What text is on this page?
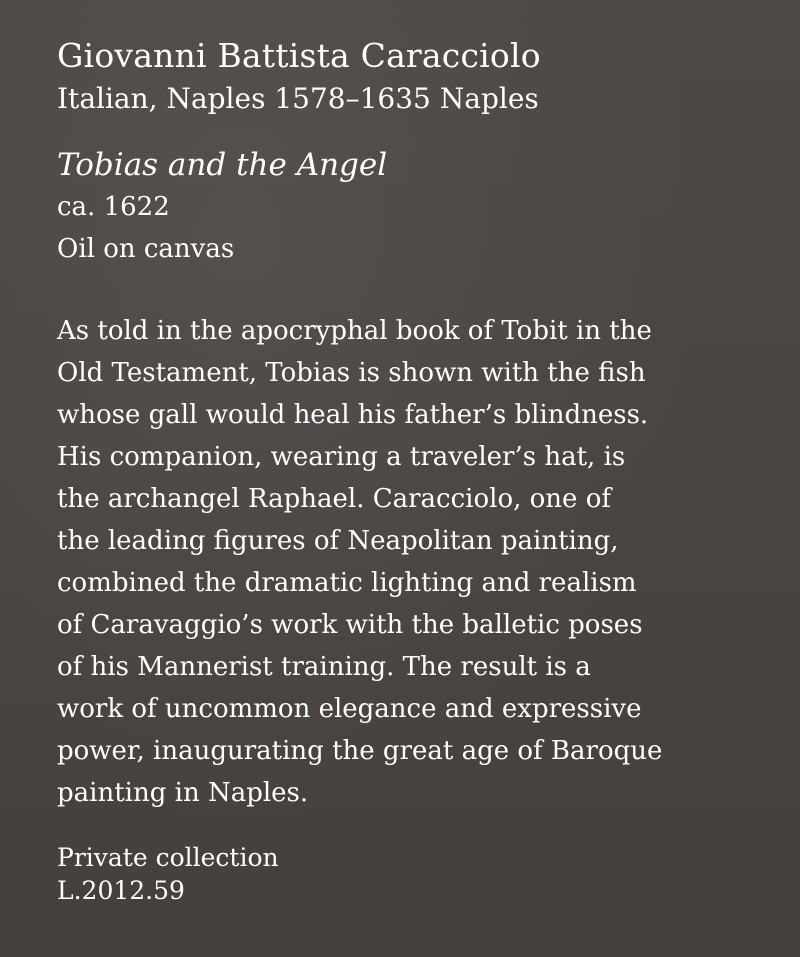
Giovanni Battista Caracciolo
Italian, Naples 1578–1635 Naples
Tobias and the Angel
ca. 1622
Oil on canvas
As told in the apocryphal book of Tobit in the
Old Testament, Tobias is shown with the fish
whose gall would heal his father’s blindness.
His companion, wearing a traveler’s hat, is
the archangel Raphael. Caracciolo, one of
the leading figures of Neapolitan painting,
combined the dramatic lighting and realism
of Caravaggio’s work with the balletic poses
of his Mannerist training. The result is a
work of uncommon elegance and expressive
power, inaugurating the great age of Baroque
painting in Naples.
Private collection
L.2012.59
